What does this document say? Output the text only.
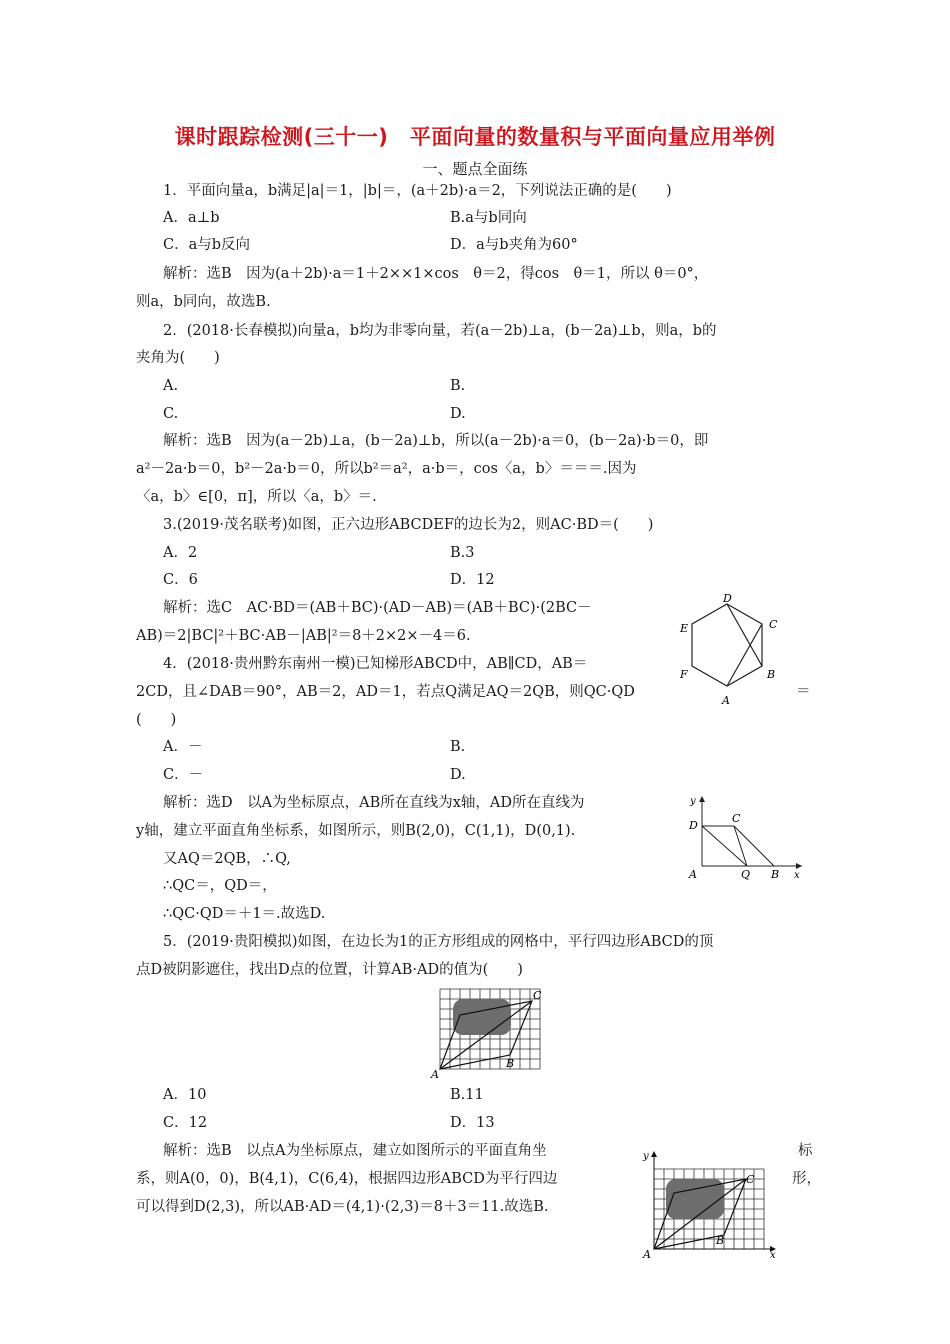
课时跟踪检测(三十一)　平面向量的数量积与平面向量应用举例
一、题点全面练
1．平面向量a，b满足|a|＝1，|b|＝，(a＋2b)·a＝2，下列说法正确的是(　　)
A．a⊥b	B.a与b同向
C．a与b反向	D．a与b夹角为60°
解析：选B　因为(a＋2b)·a＝1＋2××1×cos　θ＝2，得cos　θ＝1，所以 θ＝0°，
则a，b同向，故选B.
2．(2018·长春模拟)向量a，b均为非零向量，若(a－2b)⊥a，(b－2a)⊥b，则a，b的
夹角为(　　)
A.	B.
C.	D.
解析：选B　因为(a－2b)⊥a，(b－2a)⊥b，所以(a－2b)·a＝0，(b－2a)·b＝0，即
a²－2a·b＝0，b²－2a·b＝0，所以b²＝a²，a·b＝，cos〈a，b〉＝＝＝.因为
〈a，b〉∈[0，π]，所以〈a，b〉＝.
3.(2019·茂名联考)如图，正六边形ABCDEF的边长为2，则AC·BD＝(　　)
A．2	B.3
C．6	D．12
解析：选C　AC·BD＝(AB＋BC)·(AD－AB)＝(AB＋BC)·(2BC－
AB)＝2|BC|²＋BC·AB－|AB|²＝8＋2×2×－4＝6.
4．(2018·贵州黔东南州一模)已知梯形ABCD中，AB∥CD，AB＝
2CD，且∠DAB＝90°，AB＝2，AD＝1，若点Q满足AQ＝2QB，则QC·QD	＝
(　　)
A．－	B.
C．－	D.
解析：选D　以A为坐标原点，AB所在直线为x轴，AD所在直线为
y轴，建立平面直角坐标系，如图所示，则B(2,0)，C(1,1)，D(0,1).
又AQ＝2QB，∴Q,
∴QC＝，QD＝，
∴QC·QD＝＋1＝.故选D.
5．(2019·贵阳模拟)如图，在边长为1的正方形组成的网格中，平行四边形ABCD的顶
点D被阴影遮住，找出D点的位置，计算AB·AD的值为(　　)
A．10	B.11
C．12	D．13
解析：选B　以点A为坐标原点，建立如图所示的平面直角坐	标
系，则A(0，0)，B(4,1)，C(6,4)，根据四边形ABCD为平行四边	形，
可以得到D(2,3)，所以AB·AD＝(4,1)·(2,3)＝8＋3＝11.故选B.
D
C
E
F	B
A
y
D
C
A	Q B x
C
B
A
y
C
B
A	x
